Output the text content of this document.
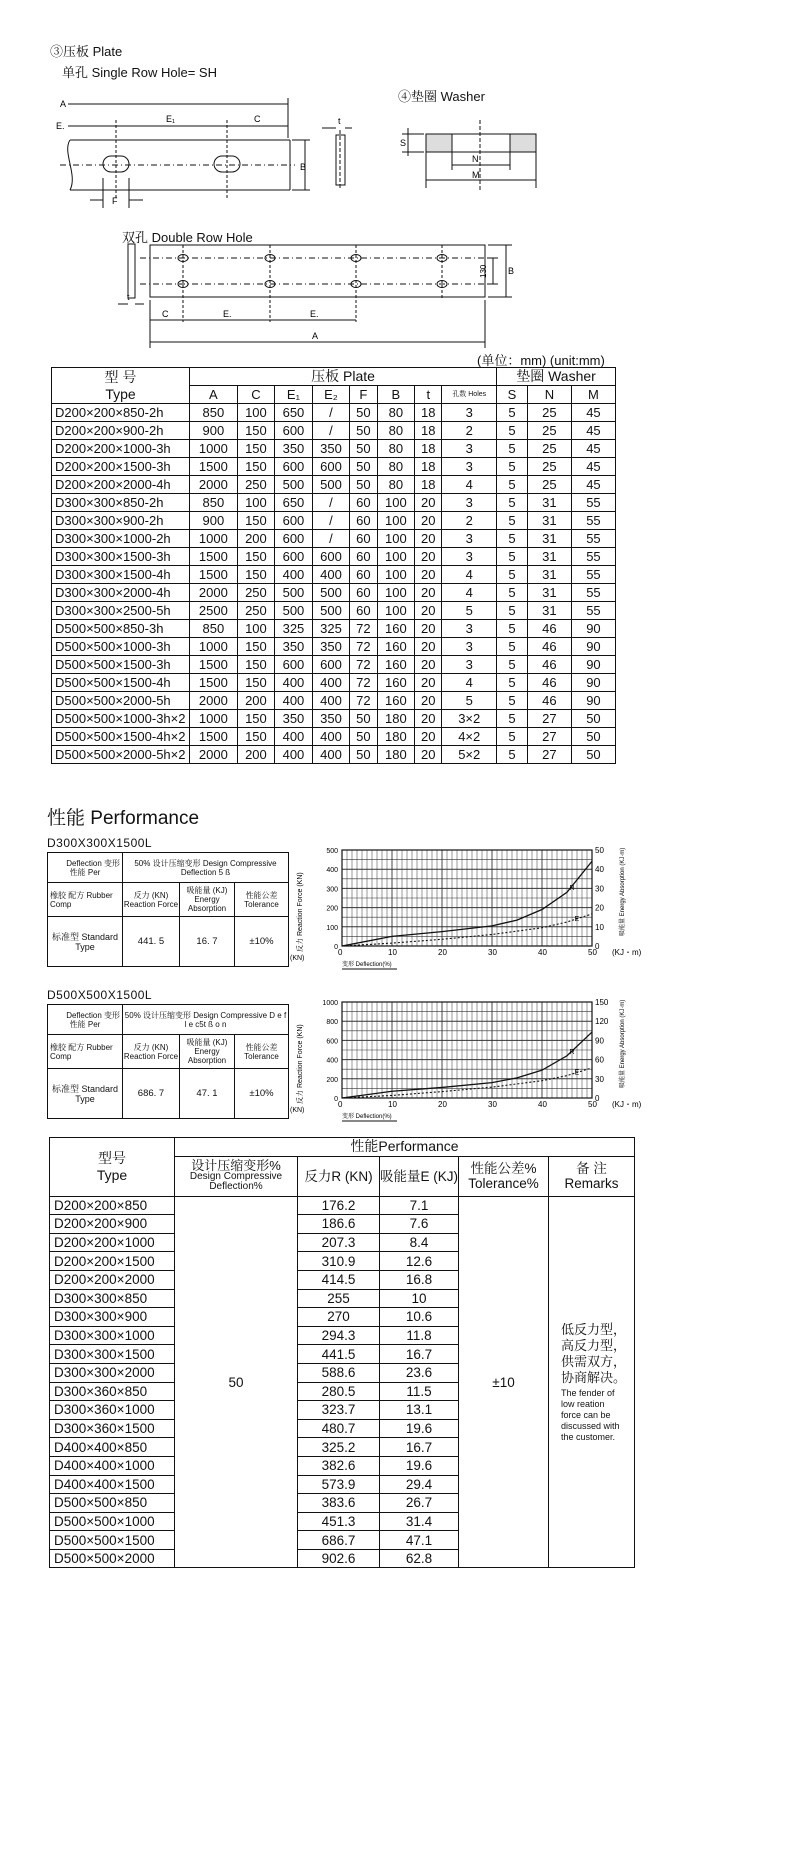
③压板 Plate
单孔 Single Row Hole= SH
④垫圈 Washer
A
E.
E₁	C
B
F
t
S
N
M
双孔 Double Row Hole
C	E.	E.
A
t
130 B
(单位：mm) (unit:mm)
型 号
Type	压板 Plate								垫圈 Washer		
	A	C	E₁	E₂	F	B	t	孔数 Holes	S	N	M
D200×200×850-2h	850	100	650	/	50	80	18	3	5	25	45
D200×200×900-2h	900	150	600	/	50	80	18	2	5	25	45
D200×200×1000-3h	1000	150	350	350	50	80	18	3	5	25	45
D200×200×1500-3h	1500	150	600	600	50	80	18	3	5	25	45
D200×200×2000-4h	2000	250	500	500	50	80	18	4	5	25	45
D300×300×850-2h	850	100	650	/	60	100	20	3	5	31	55
D300×300×900-2h	900	150	600	/	60	100	20	2	5	31	55
D300×300×1000-2h	1000	200	600	/	60	100	20	3	5	31	55
D300×300×1500-3h	1500	150	600	600	60	100	20	3	5	31	55
D300×300×1500-4h	1500	150	400	400	60	100	20	4	5	31	55
D300×300×2000-4h	2000	250	500	500	60	100	20	4	5	31	55
D300×300×2500-5h	2500	250	500	500	60	100	20	5	5	31	55
D500×500×850-3h	850	100	325	325	72	160	20	3	5	46	90
D500×500×1000-3h	1000	150	350	350	72	160	20	3	5	46	90
D500×500×1500-3h	1500	150	600	600	72	160	20	3	5	46	90
D500×500×1500-4h	1500	150	400	400	72	160	20	4	5	46	90
D500×500×2000-5h	2000	200	400	400	72	160	20	5	5	46	90
D500×500×1000-3h×2	1000	150	350	350	50	180	20	3×2	5	27	50
D500×500×1500-4h×2	1500	150	400	400	50	180	20	4×2	5	27	50
D500×500×2000-5h×2	2000	200	400	400	50	180	20	5×2	5	27	50
性能 Performance
D300X300X1500L
Deflection 变形
性能 Per	50% 设计压缩变形 Design Compressive Deflection 5 ß		
橡胶 配方 Rubber Comp	反力 (KN) Reaction Force	吸能量 (KJ) Energy Absorption	性能公差 Tolerance
标准型 Standard Type	441. 5	16. 7	±10%
D500X500X1500L
Deflection 变形
性能 Per	50% 设计压缩变形 Design Compressive D e f l e c5t ß o n		
橡胶 配方 Rubber Comp	反力 (KN) Reaction Force	吸能量 (KJ) Energy Absorption	性能公差 Tolerance
标准型 Standard Type	686. 7	47. 1	±10%
0	10	20	30	40	50
0
100
200
300
400
500
0
10
20
30
40
50
R
E
反力 Reaction Force (KN)
(KN)
变形 Deflection(%)
(KJ・m)
吸能量 Energy Absorption (KJ·m)
0	10	20	30	40	50
0
200
400
600
800
1000
0
30
60
90
120
150
R
E
反力 Reaction Force (KN)
(KN)
变形 Deflection(%)
(KJ・m)
吸能量 Energy Absorption (KJ·m)
型号
Type	性能Performance				

	设计压缩变形%
Design Compressive Deflection%	反力R (KN)	吸能量E (KJ)	性能公差% Tolerance%	备 注 Remarks
D200×200×850	50	176.2	7.1	±10	低反力型，高反力型，供需双方，协商解决。
The fender of low reation force can be discussed with the customer.

D200×200×900		186.6	7.6		
D200×200×1000		207.3	8.4		
D200×200×1500		310.9	12.6		
D200×200×2000		414.5	16.8		
D300×300×850		255	10		
D300×300×900		270	10.6		
D300×300×1000		294.3	11.8		
D300×300×1500		441.5	16.7		
D300×300×2000		588.6	23.6		
D300×360×850		280.5	11.5		
D300×360×1000		323.7	13.1		
D300×360×1500		480.7	19.6		
D400×400×850		325.2	16.7		
D400×400×1000		382.6	19.6		
D400×400×1500		573.9	29.4		
D500×500×850		383.6	26.7		
D500×500×1000		451.3	31.4		
D500×500×1500		686.7	47.1		
D500×500×2000		902.6	62.8		
